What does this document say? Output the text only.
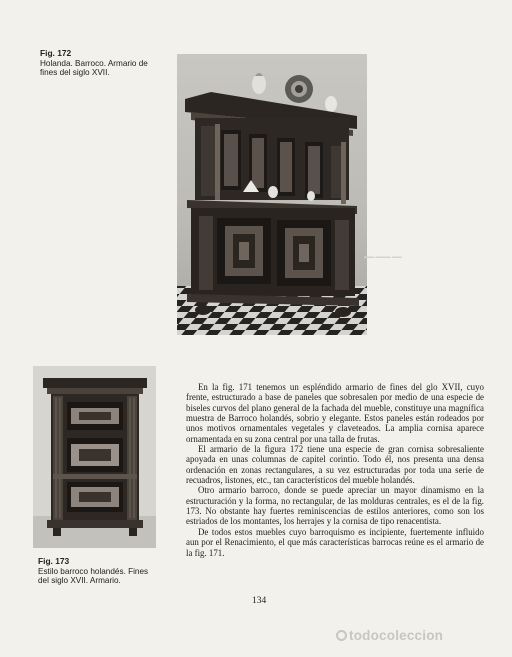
Fig. 172
Holanda. Barroco. Armario de fines del siglo XVII.
▬▬ ▬▬▬ ▬▬
Fig. 173
Estilo barroco holandés. Fines del siglo XVII. Armario.

En la fig. 171 tenemos un espléndido armario de fines del glo XVII, cuyo frente, estructurado a base de paneles que sobresalen por medio de una especie de biseles curvos del plano general de la fachada del mueble, constituye una magnífica muestra de Barroco holandés, sobrio y elegante. Estos paneles están rodeados por unos motivos ornamentales vegetales y claveteados. La amplia cornisa aparece ornamentada en su zona central por una talla de frutas.

El armario de la figura 172 tiene una especie de gran cornisa sobresaliente apoyada en unas columnas de capitel corintio. Todo él, nos presenta una densa ordenación en zonas rectangulares, a su vez estructuradas por toda una serie de recuadros, listones, etc., tan característicos del mueble holandés.

Otro armario barroco, donde se puede apreciar un mayor dinamismo en la estructuración y la forma, no rectangular, de las molduras centrales, es el de la fig. 173. No obstante hay fuertes reminiscencias de estilos anteriores, como son los estriados de los montantes, los herrajes y la cornisa de tipo renacentista.

De todos estos muebles cuyo barroquismo es incipiente, fuertemente influido aun por el Renacimiento, el que más características barrocas reúne es el armario de la fig. 171.

134
todocoleccion
